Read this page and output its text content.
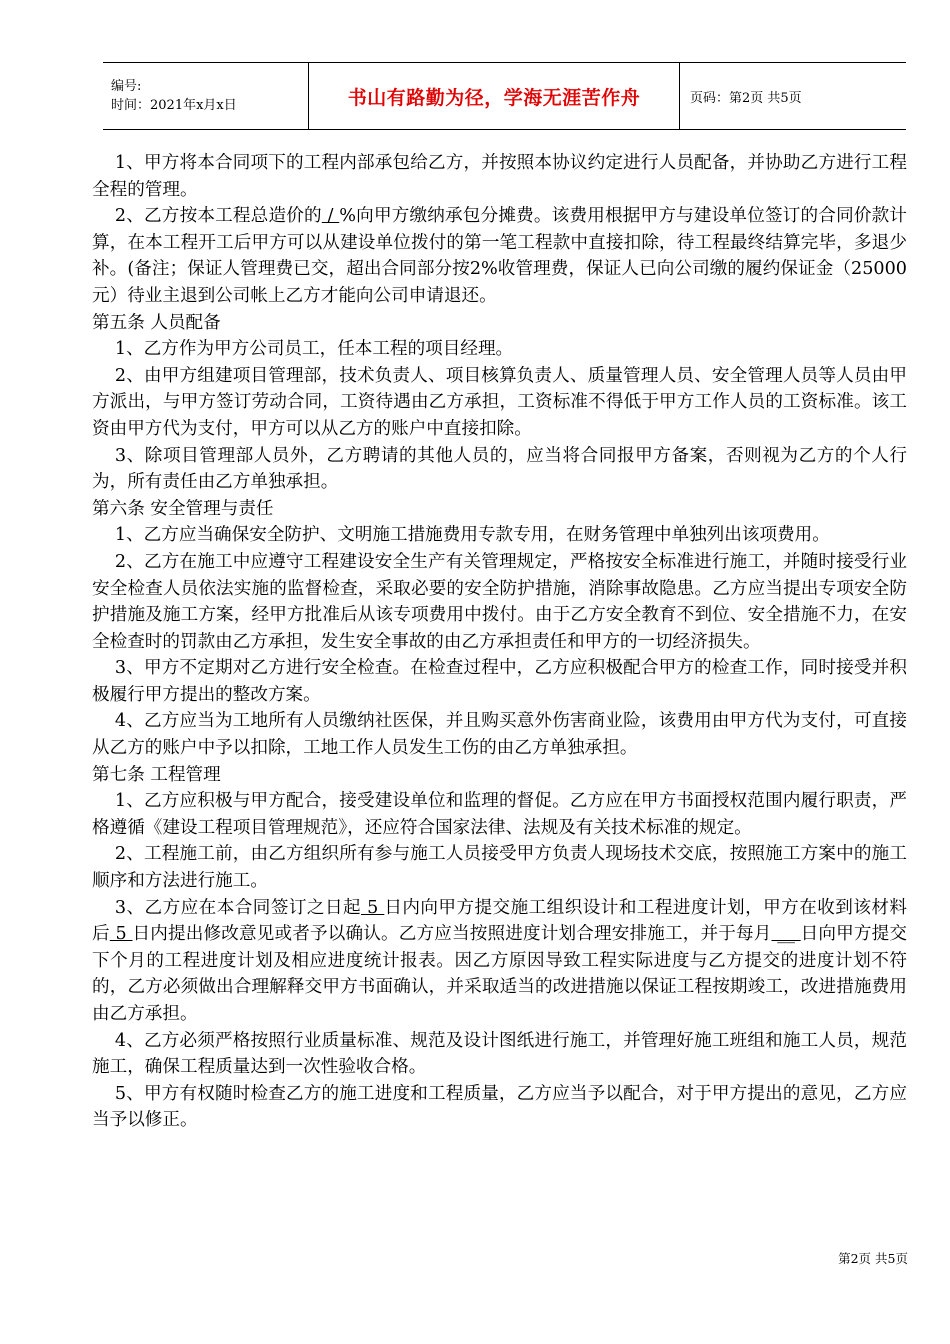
编号:
时间：2021年x月x日	书山有路勤为径，学海无涯苦作舟	页码：第2页 共5页

1、甲方将本合同项下的工程内部承包给乙方，并按照本协议约定进行人员配备，并协助乙方进行工程全程的管理。

2、乙方按本工程总造价的 / %向甲方缴纳承包分摊费。该费用根据甲方与建设单位签订的合同价款计算，在本工程开工后甲方可以从建设单位拨付的第一笔工程款中直接扣除，待工程最终结算完毕，多退少补。(备注；保证人管理费已交，超出合同部分按2%收管理费，保证人已向公司缴的履约保证金（25000元）待业主退到公司帐上乙方才能向公司申请退还。

第五条 人员配备

1、乙方作为甲方公司员工，任本工程的项目经理。

2、由甲方组建项目管理部，技术负责人、项目核算负责人、质量管理人员、安全管理人员等人员由甲方派出，与甲方签订劳动合同，工资待遇由乙方承担，工资标准不得低于甲方工作人员的工资标准。该工资由甲方代为支付，甲方可以从乙方的账户中直接扣除。

3、除项目管理部人员外，乙方聘请的其他人员的，应当将合同报甲方备案，否则视为乙方的个人行为，所有责任由乙方单独承担。

第六条 安全管理与责任

1、乙方应当确保安全防护、文明施工措施费用专款专用，在财务管理中单独列出该项费用。

2、乙方在施工中应遵守工程建设安全生产有关管理规定，严格按安全标准进行施工，并随时接受行业安全检查人员依法实施的监督检查，采取必要的安全防护措施，消除事故隐患。乙方应当提出专项安全防护措施及施工方案，经甲方批准后从该专项费用中拨付。由于乙方安全教育不到位、安全措施不力，在安全检查时的罚款由乙方承担，发生安全事故的由乙方承担责任和甲方的一切经济损失。

3、甲方不定期对乙方进行安全检查。在检查过程中，乙方应积极配合甲方的检查工作，同时接受并积极履行甲方提出的整改方案。

4、乙方应当为工地所有人员缴纳社医保，并且购买意外伤害商业险，该费用由甲方代为支付，可直接从乙方的账户中予以扣除，工地工作人员发生工伤的由乙方单独承担。

第七条 工程管理

1、乙方应积极与甲方配合，接受建设单位和监理的督促。乙方应在甲方书面授权范围内履行职责，严格遵循《建设工程项目管理规范》，还应符合国家法律、法规及有关技术标准的规定。

2、工程施工前，由乙方组织所有参与施工人员接受甲方负责人现场技术交底，按照施工方案中的施工顺序和方法进行施工。

3、乙方应在本合同签订之日起 5 日内向甲方提交施工组织设计和工程进度计划，甲方在收到该材料后 5 日内提出修改意见或者予以确认。乙方应当按照进度计划合理安排施工，并于每月 __ 日向甲方提交下个月的工程进度计划及相应进度统计报表。因乙方原因导致工程实际进度与乙方提交的进度计划不符的，乙方必须做出合理解释交甲方书面确认，并采取适当的改进措施以保证工程按期竣工，改进措施费用由乙方承担。

4、乙方必须严格按照行业质量标准、规范及设计图纸进行施工，并管理好施工班组和施工人员，规范施工，确保工程质量达到一次性验收合格。

5、甲方有权随时检查乙方的施工进度和工程质量，乙方应当予以配合，对于甲方提出的意见，乙方应当予以修正。

第2页 共5页
